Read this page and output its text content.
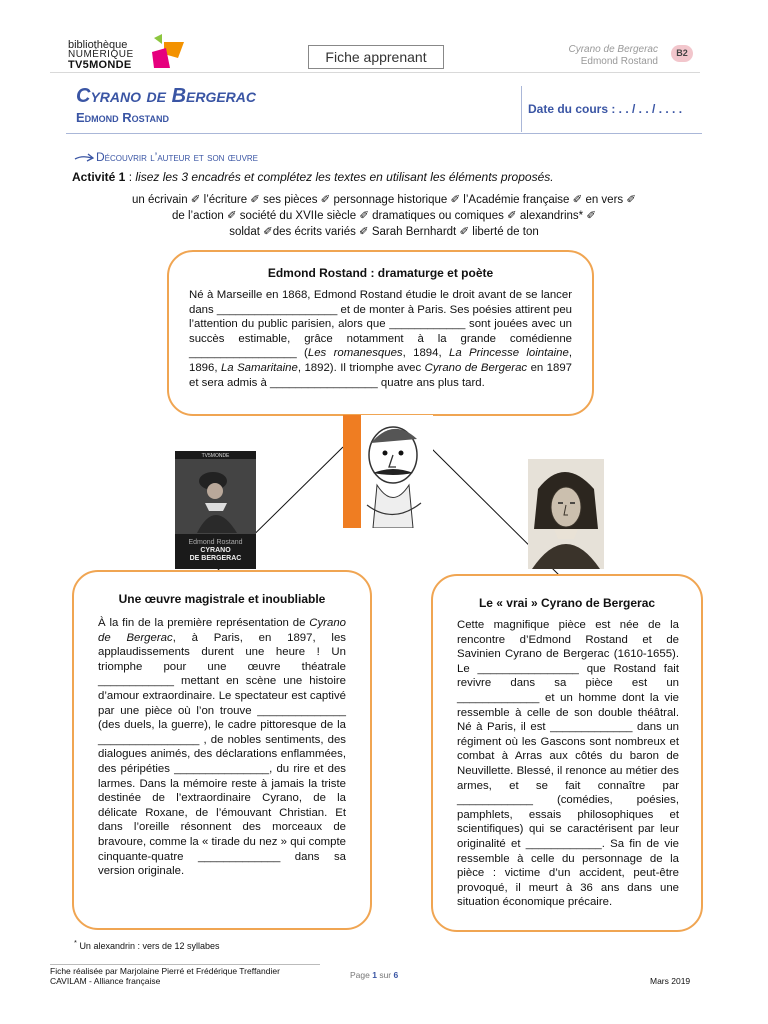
bibliothèque
NUMÉRIQUE
TV5MONDE	Fiche apprenant	Cyrano de Bergerac
Edmond Rostand
B2
Cyrano de Bergerac
Edmond Rostand
Date du cours : . . / . . / . . . .
Découvrir l’auteur et son œuvre
Activité 1 : lisez les 3 encadrés et complétez les textes en utilisant les éléments proposés.
un écrivain ✐ l’écriture ✐ ses pièces ✐ personnage historique ✐ l’Académie française ✐ en vers ✐
de l’action ✐ société du XVIIe siècle ✐ dramatiques ou comiques ✐ alexandrins* ✐
soldat ✐des écrits variés ✐ Sarah Bernhardt ✐ liberté de ton
Edmond Rostand : dramaturge et poète
Né à Marseille en 1868, Edmond Rostand étudie le droit avant de se lancer dans ___________________ et de monter à Paris. Ses poésies attirent peu l’attention du public parisien, alors que ____________ sont jouées avec un succès estimable, grâce notamment à la grande comédienne _________________ (Les romanesques, 1894, La Princesse lointaine, 1896, La Samaritaine, 1892). Il triomphe avec Cyrano de Bergerac en 1897 et sera admis à _________________ quatre ans plus tard.
TV5MONDE
Edmond Rostand
CYRANO
DE BERGERAC
Une œuvre magistrale et inoubliable
À la fin de la première représentation de Cyrano de Bergerac, à Paris, en 1897, les applaudissements durent une heure ! Un triomphe pour une œuvre théatrale ____________ mettant en scène une histoire d’amour extraordinaire. Le spectateur est captivé par une pièce où l’on trouve ______________ (des duels, la guerre), le cadre pittoresque de la ________________ , de nobles sentiments, des dialogues animés, des déclarations enflammées, des péripéties _______________, du rire et des larmes. Dans la mémoire reste à jamais la triste destinée de l’extraordinaire Cyrano, de la délicate Roxane, de l’émouvant Christian. Et dans l’oreille résonnent des morceaux de bravoure, comme la « tirade du nez » qui compte cinquante-quatre _____________ dans sa version originale.
Le « vrai » Cyrano de Bergerac
Cette magnifique pièce est née de la rencontre d’Edmond Rostand et de Savinien Cyrano de Bergerac (1610-1655). Le ________________ que Rostand fait revivre dans sa pièce est un _____________ et un homme dont la vie ressemble à celle de son double théâtral. Né à Paris, il est _____________ dans un régiment où les Gascons sont nombreux et combat à Arras aux côtés du baron de Neuvillette. Blessé, il renonce au métier des armes, et se fait connaître par ____________ (comédies, poésies, pamphlets, essais philosophiques et scientifiques) qui se caractérisent par leur originalité et ____________. Sa fin de vie ressemble à celle du personnage de la pièce : victime d’un accident, peut-être provoqué, il meurt à 36 ans dans une situation économique précaire.
* Un alexandrin : vers de 12 syllabes
Fiche réalisée par Marjolaine Pierré et Frédérique Treffandier
CAVILAM - Alliance française
Page 1 sur 6
Mars 2019
